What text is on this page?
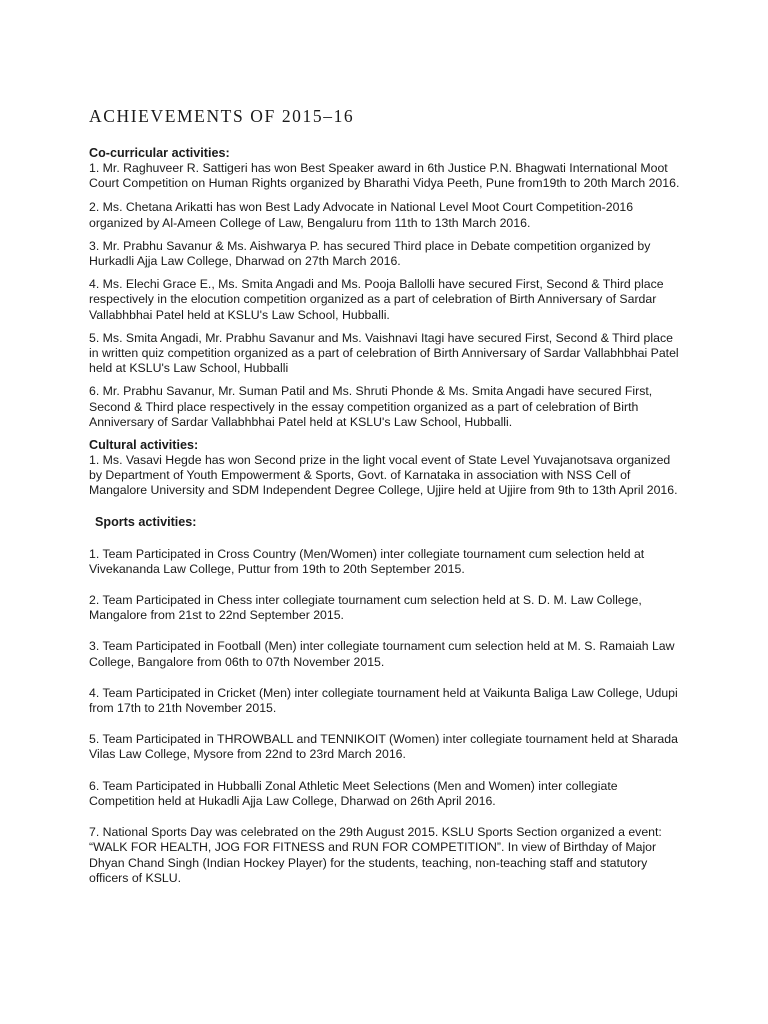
ACHIEVEMENTS OF 2015–16

Co-curricular activities:

1. Mr. Raghuveer R. Sattigeri has won Best Speaker award in 6th Justice P.N. Bhagwati International Moot Court Competition on Human Rights organized by Bharathi Vidya Peeth, Pune from19th to 20th March 2016.

2. Ms. Chetana Arikatti has won Best Lady Advocate in National Level Moot Court Competition-2016 organized by Al-Ameen College of Law, Bengaluru from 11th to 13th March 2016.

3. Mr. Prabhu Savanur & Ms. Aishwarya P. has secured Third place in Debate competition organized by Hurkadli Ajja Law College, Dharwad on 27th March 2016.

4. Ms. Elechi Grace E., Ms. Smita Angadi and Ms. Pooja Ballolli have secured First, Second & Third place respectively in the elocution competition organized as a part of celebration of Birth Anniversary of Sardar Vallabhbhai Patel held at KSLU's Law School, Hubballi.

5. Ms. Smita Angadi, Mr. Prabhu Savanur and Ms. Vaishnavi Itagi have secured First, Second & Third place in written quiz competition organized as a part of celebration of Birth Anniversary of Sardar Vallabhbhai Patel held at KSLU's Law School, Hubballi

6. Mr. Prabhu Savanur, Mr. Suman Patil and Ms. Shruti Phonde & Ms. Smita Angadi have secured First, Second & Third place respectively in the essay competition organized as a part of celebration of Birth Anniversary of Sardar Vallabhbhai Patel held at KSLU's Law School, Hubballi.

Cultural activities:

1. Ms. Vasavi Hegde has won Second prize in the light vocal event of State Level Yuvajanotsava organized by Department of Youth Empowerment & Sports, Govt. of Karnataka in association with NSS Cell of Mangalore University and SDM Independent Degree College, Ujjire held at Ujjire from 9th to 13th April 2016.

Sports activities:

1. Team Participated in Cross Country (Men/Women) inter collegiate tournament cum selection held at Vivekananda Law College, Puttur from 19th to 20th September 2015.

2. Team Participated in Chess inter collegiate tournament cum selection held at S. D. M. Law College, Mangalore from 21st to 22nd September 2015.

3. Team Participated in Football (Men) inter collegiate tournament cum selection held at M. S. Ramaiah Law College, Bangalore from 06th to 07th November 2015.

4. Team Participated in Cricket (Men) inter collegiate tournament held at Vaikunta Baliga Law College, Udupi from 17th to 21th November 2015.

5. Team Participated in THROWBALL and TENNIKOIT (Women) inter collegiate tournament held at Sharada Vilas Law College, Mysore from 22nd to 23rd March 2016.

6. Team Participated in Hubballi Zonal Athletic Meet Selections (Men and Women) inter collegiate Competition held at Hukadli Ajja Law College, Dharwad on 26th April 2016.

7. National Sports Day was celebrated on the 29th August 2015. KSLU Sports Section organized a event: “WALK FOR HEALTH, JOG FOR FITNESS and RUN FOR COMPETITION”. In view of Birthday of Major Dhyan Chand Singh (Indian Hockey Player) for the students, teaching, non-teaching staff and statutory officers of KSLU.
